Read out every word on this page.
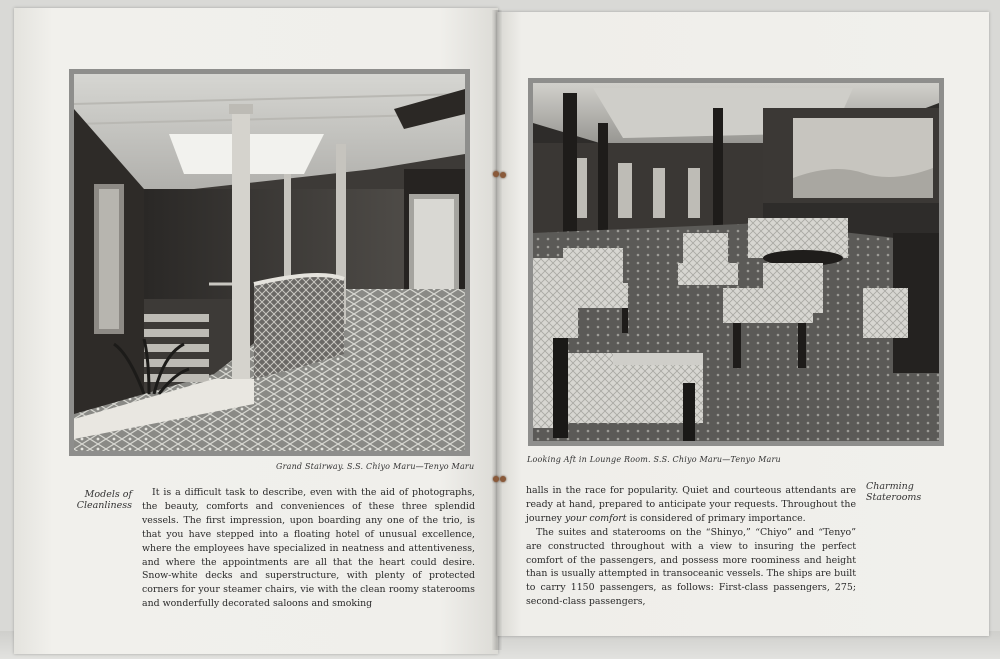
Grand Stairway. S.S. Chiyo Maru—Tenyo Maru
Looking Aft in Lounge Room. S.S. Chiyo Maru—Tenyo Maru
Models of
Cleanliness

It is a difficult task to describe, even with the aid of photographs, the beauty, comforts and conveniences of these three splendid vessels. The first impression, upon boarding any one of the trio, is that you have stepped into a floating hotel of unusual excellence, where the employees have specialized in neatness and attentiveness, and where the appointments are all that the heart could desire. Snow-white decks and superstructure, with plenty of protected corners for your steamer chairs, vie with the clean roomy staterooms and wonderfully decorated saloons and smoking

halls in the race for popularity. Quiet and courteous attendants are ready at hand, prepared to anticipate your requests. Throughout the journey your comfort is considered of primary importance.

The suites and staterooms on the “Shinyo,” “Chiyo” and “Tenyo” are constructed throughout with a view to insuring the perfect comfort of the passengers, and possess more roominess and height than is usually attempted in transoceanic vessels. The ships are built to carry 1150 passengers, as follows: First-class passengers, 275; second-class passengers,

Charming
Staterooms
